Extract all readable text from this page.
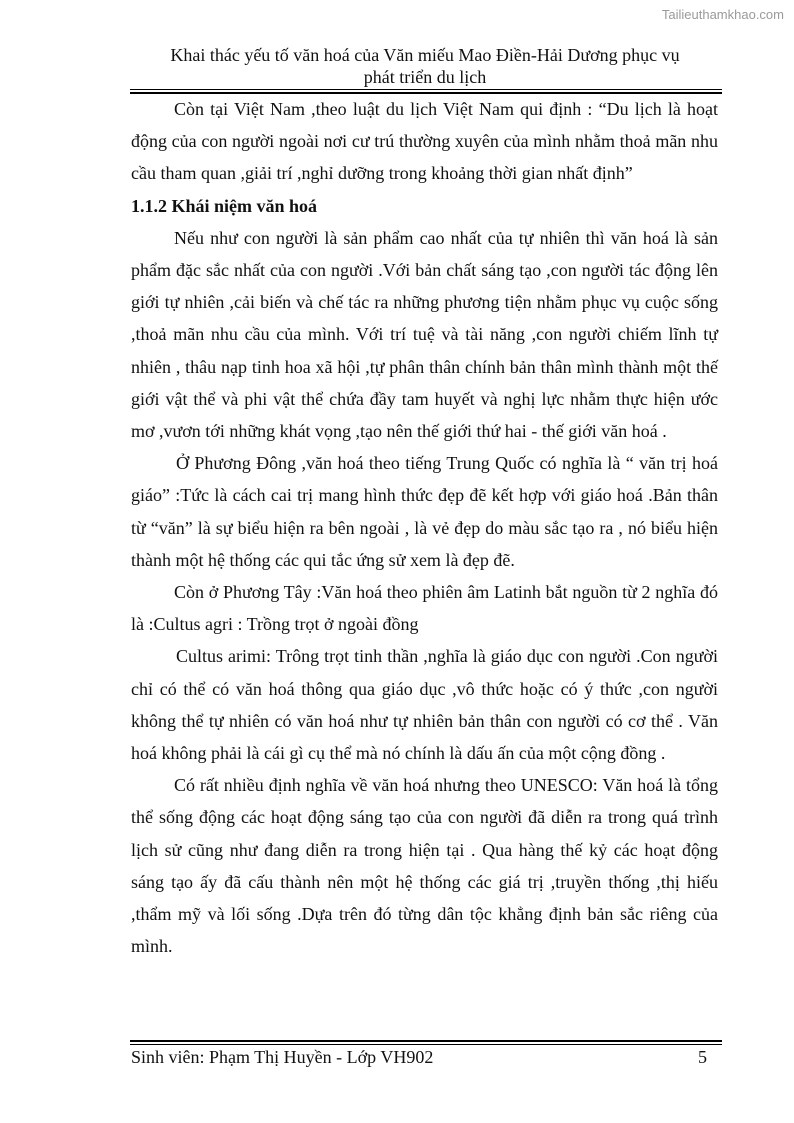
Tailieuthamkhao.com
Khai thác yếu tố văn hoá của Văn miếu Mao Điền-Hải Dương phục vụ
phát triển du lịch

Còn tại Việt Nam ,theo luật du lịch Việt Nam qui định : “Du lịch là hoạt động của con người ngoài nơi cư trú thường xuyên của mình nhằm thoả mãn nhu cầu tham quan ,giải trí ,nghỉ dưỡng trong khoảng thời gian nhất định”

1.1.2 Khái niệm văn hoá

Nếu như con người là sản phẩm cao nhất của tự nhiên thì văn hoá là sản phẩm đặc sắc nhất của con người .Với bản chất sáng tạo ,con người tác động lên giới tự nhiên ,cải biến và chế tác ra những phương tiện nhằm phục vụ cuộc sống ,thoả mãn nhu cầu của mình. Với trí tuệ và tài năng ,con người chiếm lĩnh tự nhiên , thâu nạp tinh hoa xã hội ,tự phân thân chính bản thân mình thành một thế giới vật thể và phi vật thể chứa đầy tam huyết và nghị lực nhằm thực hiện ước mơ ,vươn tới những khát vọng ,tạo nên thế giới thứ hai - thế giới văn hoá .

Ở Phương Đông ,văn hoá theo tiếng Trung Quốc có nghĩa là “ văn trị hoá giáo” :Tức là cách cai trị mang hình thức đẹp đẽ kết hợp với giáo hoá .Bản thân từ “văn” là sự biểu hiện ra bên ngoài , là vẻ đẹp do màu sắc tạo ra , nó biểu hiện thành một hệ thống các qui tắc ứng sử xem là đẹp đẽ.

Còn ở Phương Tây :Văn hoá theo phiên âm Latinh bắt nguồn từ 2 nghĩa đó là :Cultus agri : Trồng trọt ở ngoài đồng

Cultus arimi: Trông trọt tinh thần ,nghĩa là giáo dục con người .Con người chỉ có thể có văn hoá thông qua giáo dục ,vô thức hoặc có ý thức ,con người không thể tự nhiên có văn hoá như tự nhiên bản thân con người có cơ thể . Văn hoá không phải là cái gì cụ thể mà nó chính là dấu ấn của một cộng đồng .

Có rất nhiều định nghĩa về văn hoá nhưng theo UNESCO: Văn hoá là tổng thể sống động các hoạt động sáng tạo của con người đã diễn ra trong quá trình lịch sử cũng như đang diễn ra trong hiện tại . Qua hàng thế kỷ các hoạt động sáng tạo ấy đã cấu thành nên một hệ thống các giá trị ,truyền thống ,thị hiếu ,thẩm mỹ và lối sống .Dựa trên đó từng dân tộc khẳng định bản sắc riêng của mình.

Sinh viên: Phạm Thị Huyền - Lớp VH902	5
